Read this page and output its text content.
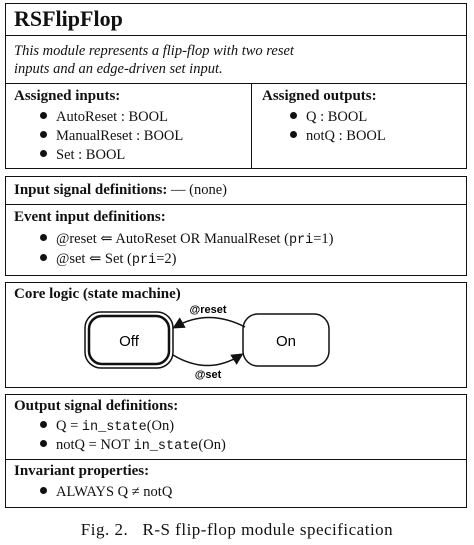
RSFlipFlop
This module represents a flip-flop with two reset
inputs and an edge-driven set input.
Assigned inputs:
AutoReset : BOOL
ManualReset : BOOL
Set : BOOL
Assigned outputs:
Q : BOOL
notQ : BOOL
Input signal definitions: — (none)
Event input definitions:
@reset ⇐ AutoReset OR ManualReset (pri=1)
@set ⇐ Set (pri=2)
Core logic (state machine)
Off	On
@reset
@set
Output signal definitions:
Q = in_state(On)
notQ = NOT in_state(On)
Invariant properties:
ALWAYS Q ≠ notQ
Fig. 2.   R-S flip-flop module specification
